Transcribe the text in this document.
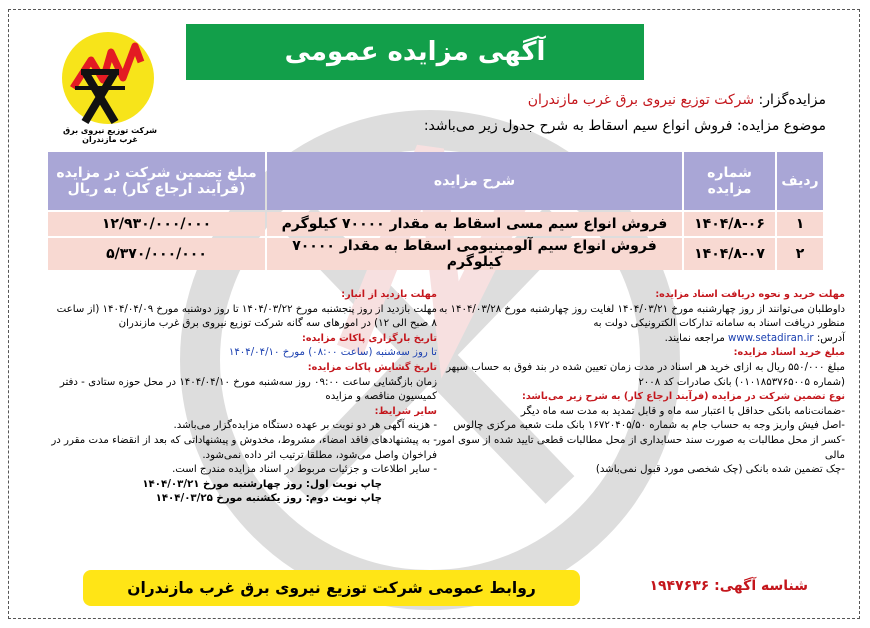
آگهی مزایده عمومی
شرکت توزیع نیروی برق غرب مازندران
مزایده‌گزار: شرکت توزیع نیروی برق غرب مازندران
موضوع مزایده: فروش انواع سیم اسقاط به شرح جدول زیر می‌باشد:
ردیف	شماره مزایده	شرح مزایده	مبلغ تضمین شرکت در مزایده
(فرآیند ارجاع کار) به ریال

۱	۱۴۰۴/۸-۰۶	فروش انواع سیم مسی اسقاط به مقدار ۷۰۰۰۰ کیلوگرم	۱۲/۹۳۰/۰۰۰/۰۰۰
۲	۱۴۰۴/۸-۰۷	فروش انواع سیم آلومینیومی اسقاط به مقدار ۷۰۰۰۰ کیلوگرم	۵/۳۷۰/۰۰۰/۰۰۰

مهلت خرید و نحوه دریافت اسناد مزایده:

داوطلبان می‌توانند از روز چهارشنبه مورخ ۱۴۰۴/۰۳/۲۱ لغایت روز چهارشنبه مورخ ۱۴۰۴/۰۳/۲۸ به منظور دریافت اسناد به سامانه تدارکات الکترونیکی دولت به

آدرس: www.setadiran.ir مراجعه نمایند.

مبلغ خرید اسناد مزایده:

مبلغ ۵۵۰/۰۰۰ ریال به ازای خرید هر اسناد در مدت زمان تعیین شده در بند فوق به حساب سپهر (شماره ۰۱۰۱۸۵۳۷۶۵۰۰۵) بانک صادرات کد ۲۰۰۸

نوع تضمین شرکت در مزایده (فرآیند ارجاع کار) به شرح زیر می‌باشد:

-ضمانت‌نامه بانکی حداقل با اعتبار سه ماه و قابل تمدید به مدت سه ماه دیگر

-اصل فیش واریز وجه به حساب جام به شماره ۱۶۷۲۰۴۰۵/۵۰ بانک ملت شعبه مرکزی چالوس

-کسر از محل مطالبات به صورت سند حسابداری از محل مطالبات قطعی تایید شده از سوی امور مالی

-چک تضمین شده بانکی (چک شخصی مورد قبول نمی‌باشد)

مهلت بازدید از انبار:

مهلت بازدید از روز پنجشنبه مورخ ۱۴۰۴/۰۳/۲۲ تا روز دوشنبه مورخ ۱۴۰۴/۰۴/۰۹ (از ساعت ۸ صبح الی ۱۲) در امورهای سه گانه شرکت توزیع نیروی برق غرب مازندران

تاریخ بارگزاری پاکات مزایده:

تا روز سه‌شنبه (ساعت ۰۸:۰۰) مورخ ۱۴۰۴/۰۴/۱۰

تاریخ گشایش پاکات مزایده:

زمان بازگشایی ساعت ۰۹:۰۰ روز سه‌شنبه مورخ ۱۴۰۴/۰۴/۱۰ در محل حوزه ستادی - دفتر کمیسیون مناقصه و مزایده

سایر شرایط:

- هزینه آگهی هر دو نوبت بر عهده دستگاه مزایده‌گزار می‌باشد.

- به پیشنهادهای فاقد امضاء، مشروط، مخدوش و پیشنهاداتی که بعد از انقضاء مدت مقرر در فراخوان واصل می‌شود، مطلقا ترتیب اثر داده نمی‌شود.

- سایر اطلاعات و جزئیات مربوط در اسناد مزایده مندرج است.

چاپ نوبت اول: روز چهارشنبه مورخ ۱۴۰۴/۰۳/۲۱

چاپ نوبت دوم: روز یکشنبه مورخ ۱۴۰۴/۰۳/۲۵

روابط عمومی شرکت توزیع نیروی برق غرب مازندران	شناسه آگهی: ۱۹۴۷۶۳۶
